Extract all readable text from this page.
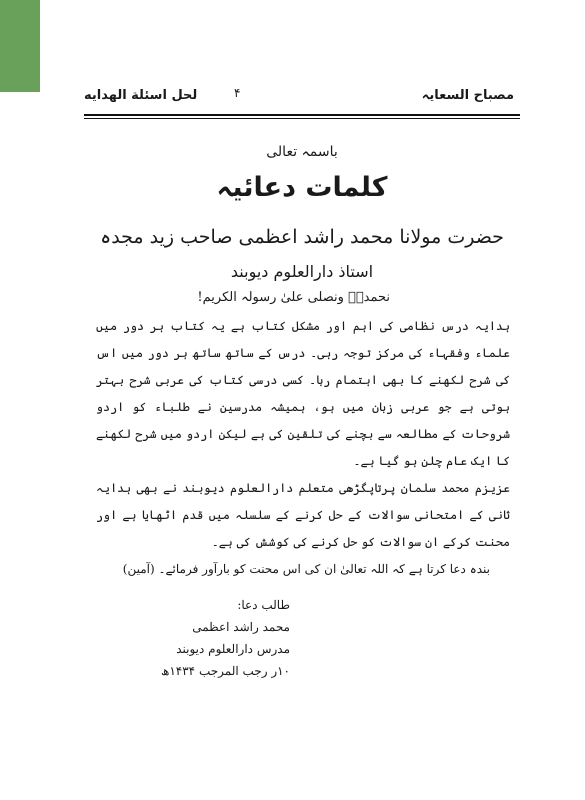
مصباح السعایہ
۴
لحل اسئلة الهدایه
باسمہ تعالی
کلمات دعائیہ
حضرت مولانا محمد راشد اعظمی صاحب زید مجدہ
استاذ دارالعلوم دیوبند

نحمدہٗ ونصلی علیٰ رسولہ الکریم!

ہدایہ درس نظامی کی اہم اور مشکل کتاب ہے یہ کتاب ہر دور میں علماء وفقہاء کی مرکز توجہ رہی۔ درس کے ساتھ ساتھ ہر دور میں اس کی شرح لکھنے کا بھی اہتمام رہا۔ کسی درسی کتاب کی عربی شرح بہتر ہوتی ہے جو عربی زبان میں ہو، ہمیشہ مدرسین نے طلباء کو اردو شروحات کے مطالعہ سے بچنے کی تلقین کی ہے لیکن اردو میں شرح لکھنے کا ایک عام چلن ہو گیا ہے۔

عزیزم محمد سلمان پرتاپگڑھی متعلم دارالعلوم دیوبند نے بھی ہدایہ ثانی کے امتحانی سوالات کے حل کرنے کے سلسلہ میں قدم اٹھایا ہے اور محنت کرکے ان سوالات کو حل کرنے کی کوشش کی ہے۔

بندہ دعا کرتا ہے کہ اللہ تعالیٰ ان کی اس محنت کو بارآور فرمائے۔ (آمین)

طالب دعا:
محمد راشد اعظمی
مدرس دارالعلوم دیوبند
۱۰ر رجب المرجب ۱۴۳۴ھ
